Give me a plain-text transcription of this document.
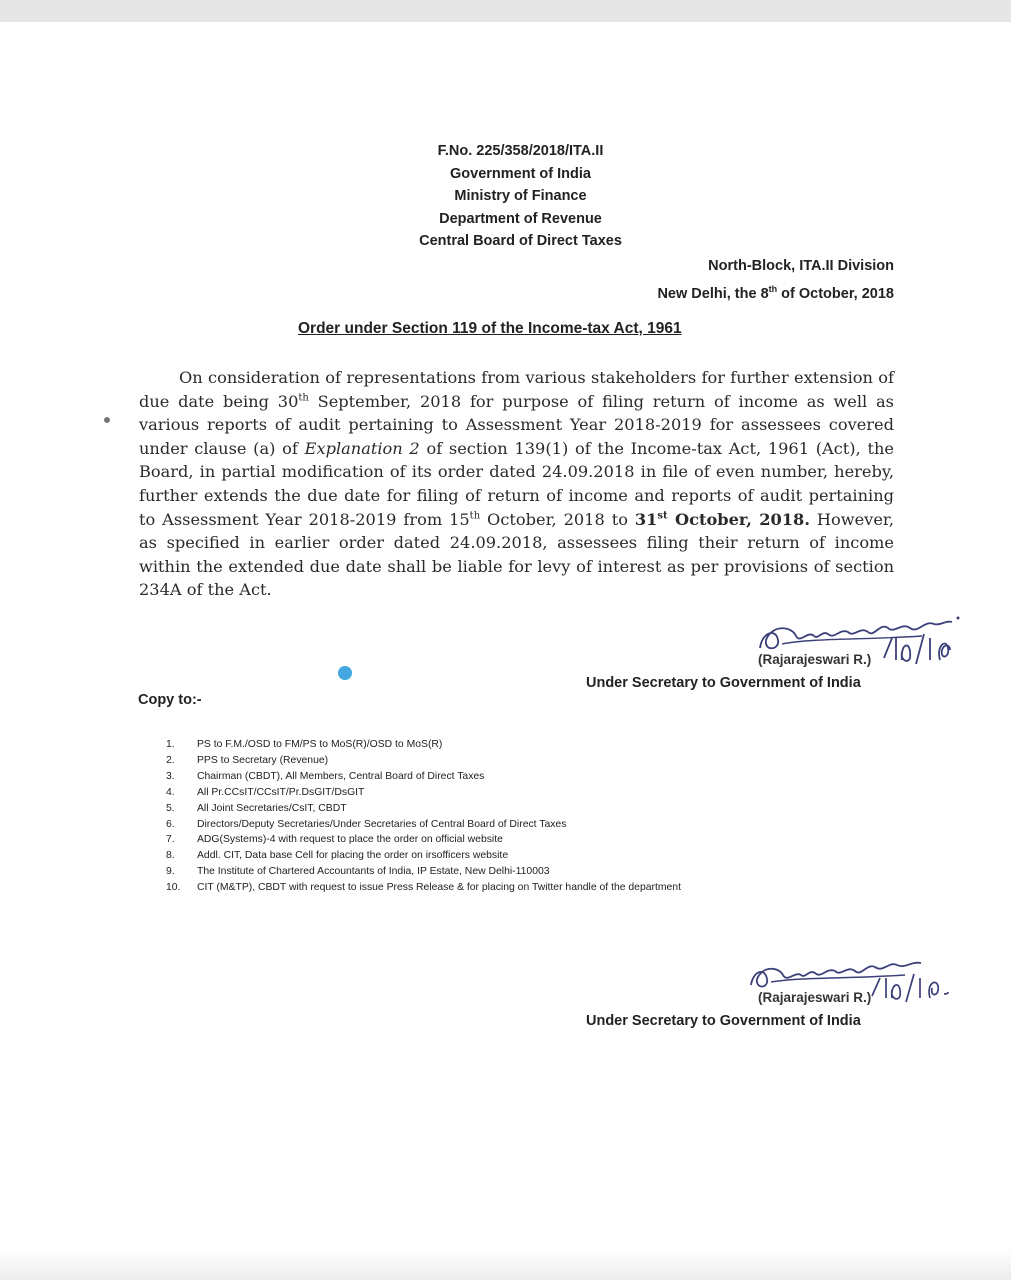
F.No. 225/358/2018/ITA.II
Government of India
Ministry of Finance
Department of Revenue
Central Board of Direct Taxes
North-Block, ITA.II Division
New Delhi, the 8th of October, 2018
Order under Section 119 of the Income-tax Act, 1961

On consideration of representations from various stakeholders for further extension of due date being 30th September, 2018 for purpose of filing return of income as well as various reports of audit pertaining to Assessment Year 2018-2019 for assessees covered under clause (a) of Explanation 2 of section 139(1) of the Income-tax Act, 1961 (Act), the Board, in partial modification of its order dated 24.09.2018 in file of even number, hereby, further extends the due date for filing of return of income and reports of audit pertaining to Assessment Year 2018-2019 from 15th October, 2018 to 31st October, 2018. However, as specified in earlier order dated 24.09.2018, assessees filing their return of income within the extended due date shall be liable for levy of interest as per provisions of section 234A of the Act.

(Rajarajeswari R.)
Under Secretary to Government of India
Copy to:-
1. PS to F.M./OSD to FM/PS to MoS(R)/OSD to MoS(R)
2. PPS to Secretary (Revenue)
3. Chairman (CBDT), All Members, Central Board of Direct Taxes
4. All Pr.CCsIT/CCsIT/Pr.DsGIT/DsGIT
5. All Joint Secretaries/CsIT, CBDT
6. Directors/Deputy Secretaries/Under Secretaries of Central Board of Direct Taxes
7. ADG(Systems)-4 with request to place the order on official website
8. Addl. CIT, Data base Cell for placing the order on irsofficers website
9. The Institute of Chartered Accountants of India, IP Estate, New Delhi-110003
10. CIT (M&TP), CBDT with request to issue Press Release & for placing on Twitter handle of the department
(Rajarajeswari R.)
Under Secretary to Government of India
